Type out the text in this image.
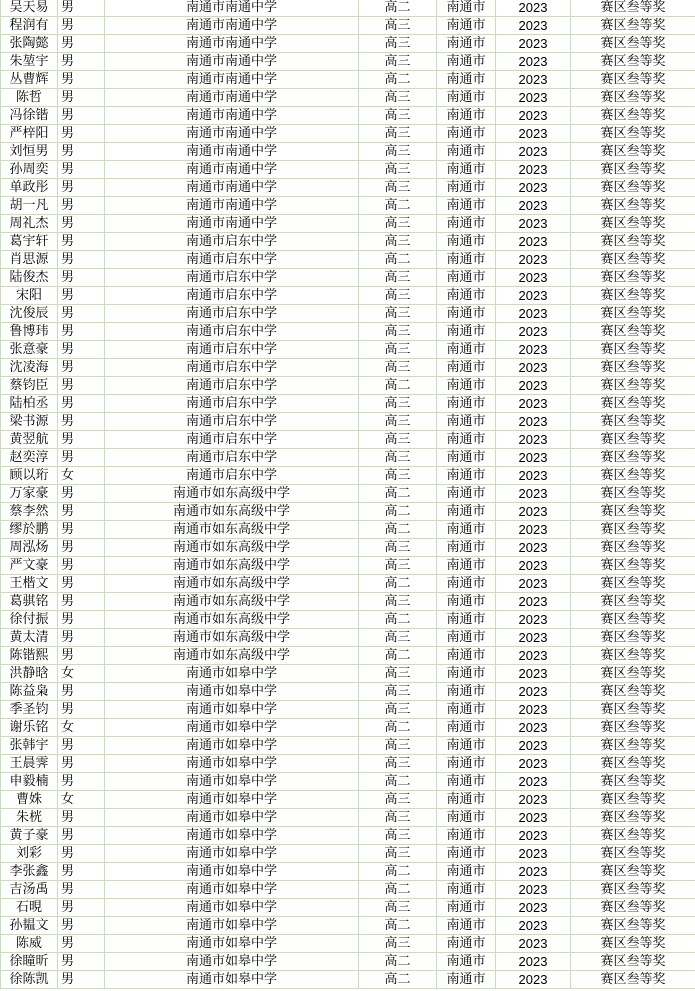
吴天易	男	南通市南通中学	高二	南通市	2023	赛区叁等奖
程润有	男	南通市南通中学	高三	南通市	2023	赛区叁等奖
张陶懿	男	南通市南通中学	高三	南通市	2023	赛区叁等奖
朱堃宇	男	南通市南通中学	高三	南通市	2023	赛区叁等奖
丛曹辉	男	南通市南通中学	高二	南通市	2023	赛区叁等奖
陈哲	男	南通市南通中学	高三	南通市	2023	赛区叁等奖
冯徐锴	男	南通市南通中学	高三	南通市	2023	赛区叁等奖
严梓阳	男	南通市南通中学	高三	南通市	2023	赛区叁等奖
刘恒男	男	南通市南通中学	高三	南通市	2023	赛区叁等奖
孙周奕	男	南通市南通中学	高三	南通市	2023	赛区叁等奖
单政彤	男	南通市南通中学	高三	南通市	2023	赛区叁等奖
胡一凡	男	南通市南通中学	高二	南通市	2023	赛区叁等奖
周礼杰	男	南通市南通中学	高三	南通市	2023	赛区叁等奖
葛宇轩	男	南通市启东中学	高三	南通市	2023	赛区叁等奖
肖思源	男	南通市启东中学	高二	南通市	2023	赛区叁等奖
陆俊杰	男	南通市启东中学	高三	南通市	2023	赛区叁等奖
宋阳	男	南通市启东中学	高三	南通市	2023	赛区叁等奖
沈俊辰	男	南通市启东中学	高三	南通市	2023	赛区叁等奖
鲁博玮	男	南通市启东中学	高三	南通市	2023	赛区叁等奖
张意豪	男	南通市启东中学	高三	南通市	2023	赛区叁等奖
沈凌海	男	南通市启东中学	高三	南通市	2023	赛区叁等奖
蔡钧臣	男	南通市启东中学	高二	南通市	2023	赛区叁等奖
陆柏丞	男	南通市启东中学	高三	南通市	2023	赛区叁等奖
梁书源	男	南通市启东中学	高三	南通市	2023	赛区叁等奖
黄翌航	男	南通市启东中学	高三	南通市	2023	赛区叁等奖
赵奕淳	男	南通市启东中学	高三	南通市	2023	赛区叁等奖
顾以珩	女	南通市启东中学	高三	南通市	2023	赛区叁等奖
万家豪	男	南通市如东高级中学	高二	南通市	2023	赛区叁等奖
蔡李然	男	南通市如东高级中学	高二	南通市	2023	赛区叁等奖
缪於鹏	男	南通市如东高级中学	高二	南通市	2023	赛区叁等奖
周泓炀	男	南通市如东高级中学	高三	南通市	2023	赛区叁等奖
严文豪	男	南通市如东高级中学	高三	南通市	2023	赛区叁等奖
王楷文	男	南通市如东高级中学	高二	南通市	2023	赛区叁等奖
葛骐铭	男	南通市如东高级中学	高三	南通市	2023	赛区叁等奖
徐付振	男	南通市如东高级中学	高二	南通市	2023	赛区叁等奖
黄太清	男	南通市如东高级中学	高三	南通市	2023	赛区叁等奖
陈锴熙	男	南通市如东高级中学	高二	南通市	2023	赛区叁等奖
洪静晗	女	南通市如皋中学	高三	南通市	2023	赛区叁等奖
陈益枭	男	南通市如皋中学	高三	南通市	2023	赛区叁等奖
季圣钧	男	南通市如皋中学	高三	南通市	2023	赛区叁等奖
谢乐铭	女	南通市如皋中学	高二	南通市	2023	赛区叁等奖
张韩宇	男	南通市如皋中学	高三	南通市	2023	赛区叁等奖
王晨霁	男	南通市如皋中学	高三	南通市	2023	赛区叁等奖
申毅楠	男	南通市如皋中学	高二	南通市	2023	赛区叁等奖
曹姝	女	南通市如皋中学	高三	南通市	2023	赛区叁等奖
朱桄	男	南通市如皋中学	高三	南通市	2023	赛区叁等奖
黄子豪	男	南通市如皋中学	高三	南通市	2023	赛区叁等奖
刘彩	男	南通市如皋中学	高三	南通市	2023	赛区叁等奖
李张鑫	男	南通市如皋中学	高二	南通市	2023	赛区叁等奖
吉汤禹	男	南通市如皋中学	高二	南通市	2023	赛区叁等奖
石晛	男	南通市如皋中学	高三	南通市	2023	赛区叁等奖
孙韫文	男	南通市如皋中学	高二	南通市	2023	赛区叁等奖
陈威	男	南通市如皋中学	高三	南通市	2023	赛区叁等奖
徐瞳昕	男	南通市如皋中学	高二	南通市	2023	赛区叁等奖
徐陈凯	男	南通市如皋中学	高二	南通市	2023	赛区叁等奖
